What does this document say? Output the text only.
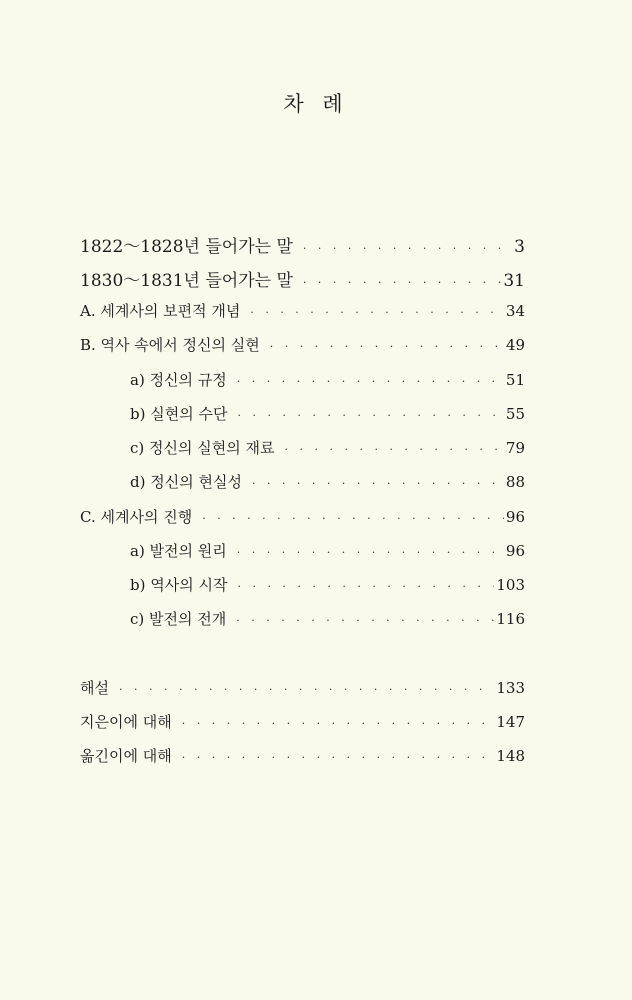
차 례
1822～1828년 들어가는 말 · · ·	3
1830～1831년 들어가는 말 · · ·	31
A. 세계사의 보편적 개념 · · ·	34
B. 역사 속에서 정신의 실현 · · ·	49
a) 정신의 규정 · · ·	51
b) 실현의 수단 · · ·	55
c) 정신의 실현의 재료 · · ·	79
d) 정신의 현실성 · · ·	88
C. 세계사의 진행 · · ·	96
a) 발전의 원리 · · ·	96
b) 역사의 시작 · · ·	103
c) 발전의 전개 · · ·	116
해설 · · ·	133
지은이에 대해 · · ·	147
옮긴이에 대해 · · ·	148
